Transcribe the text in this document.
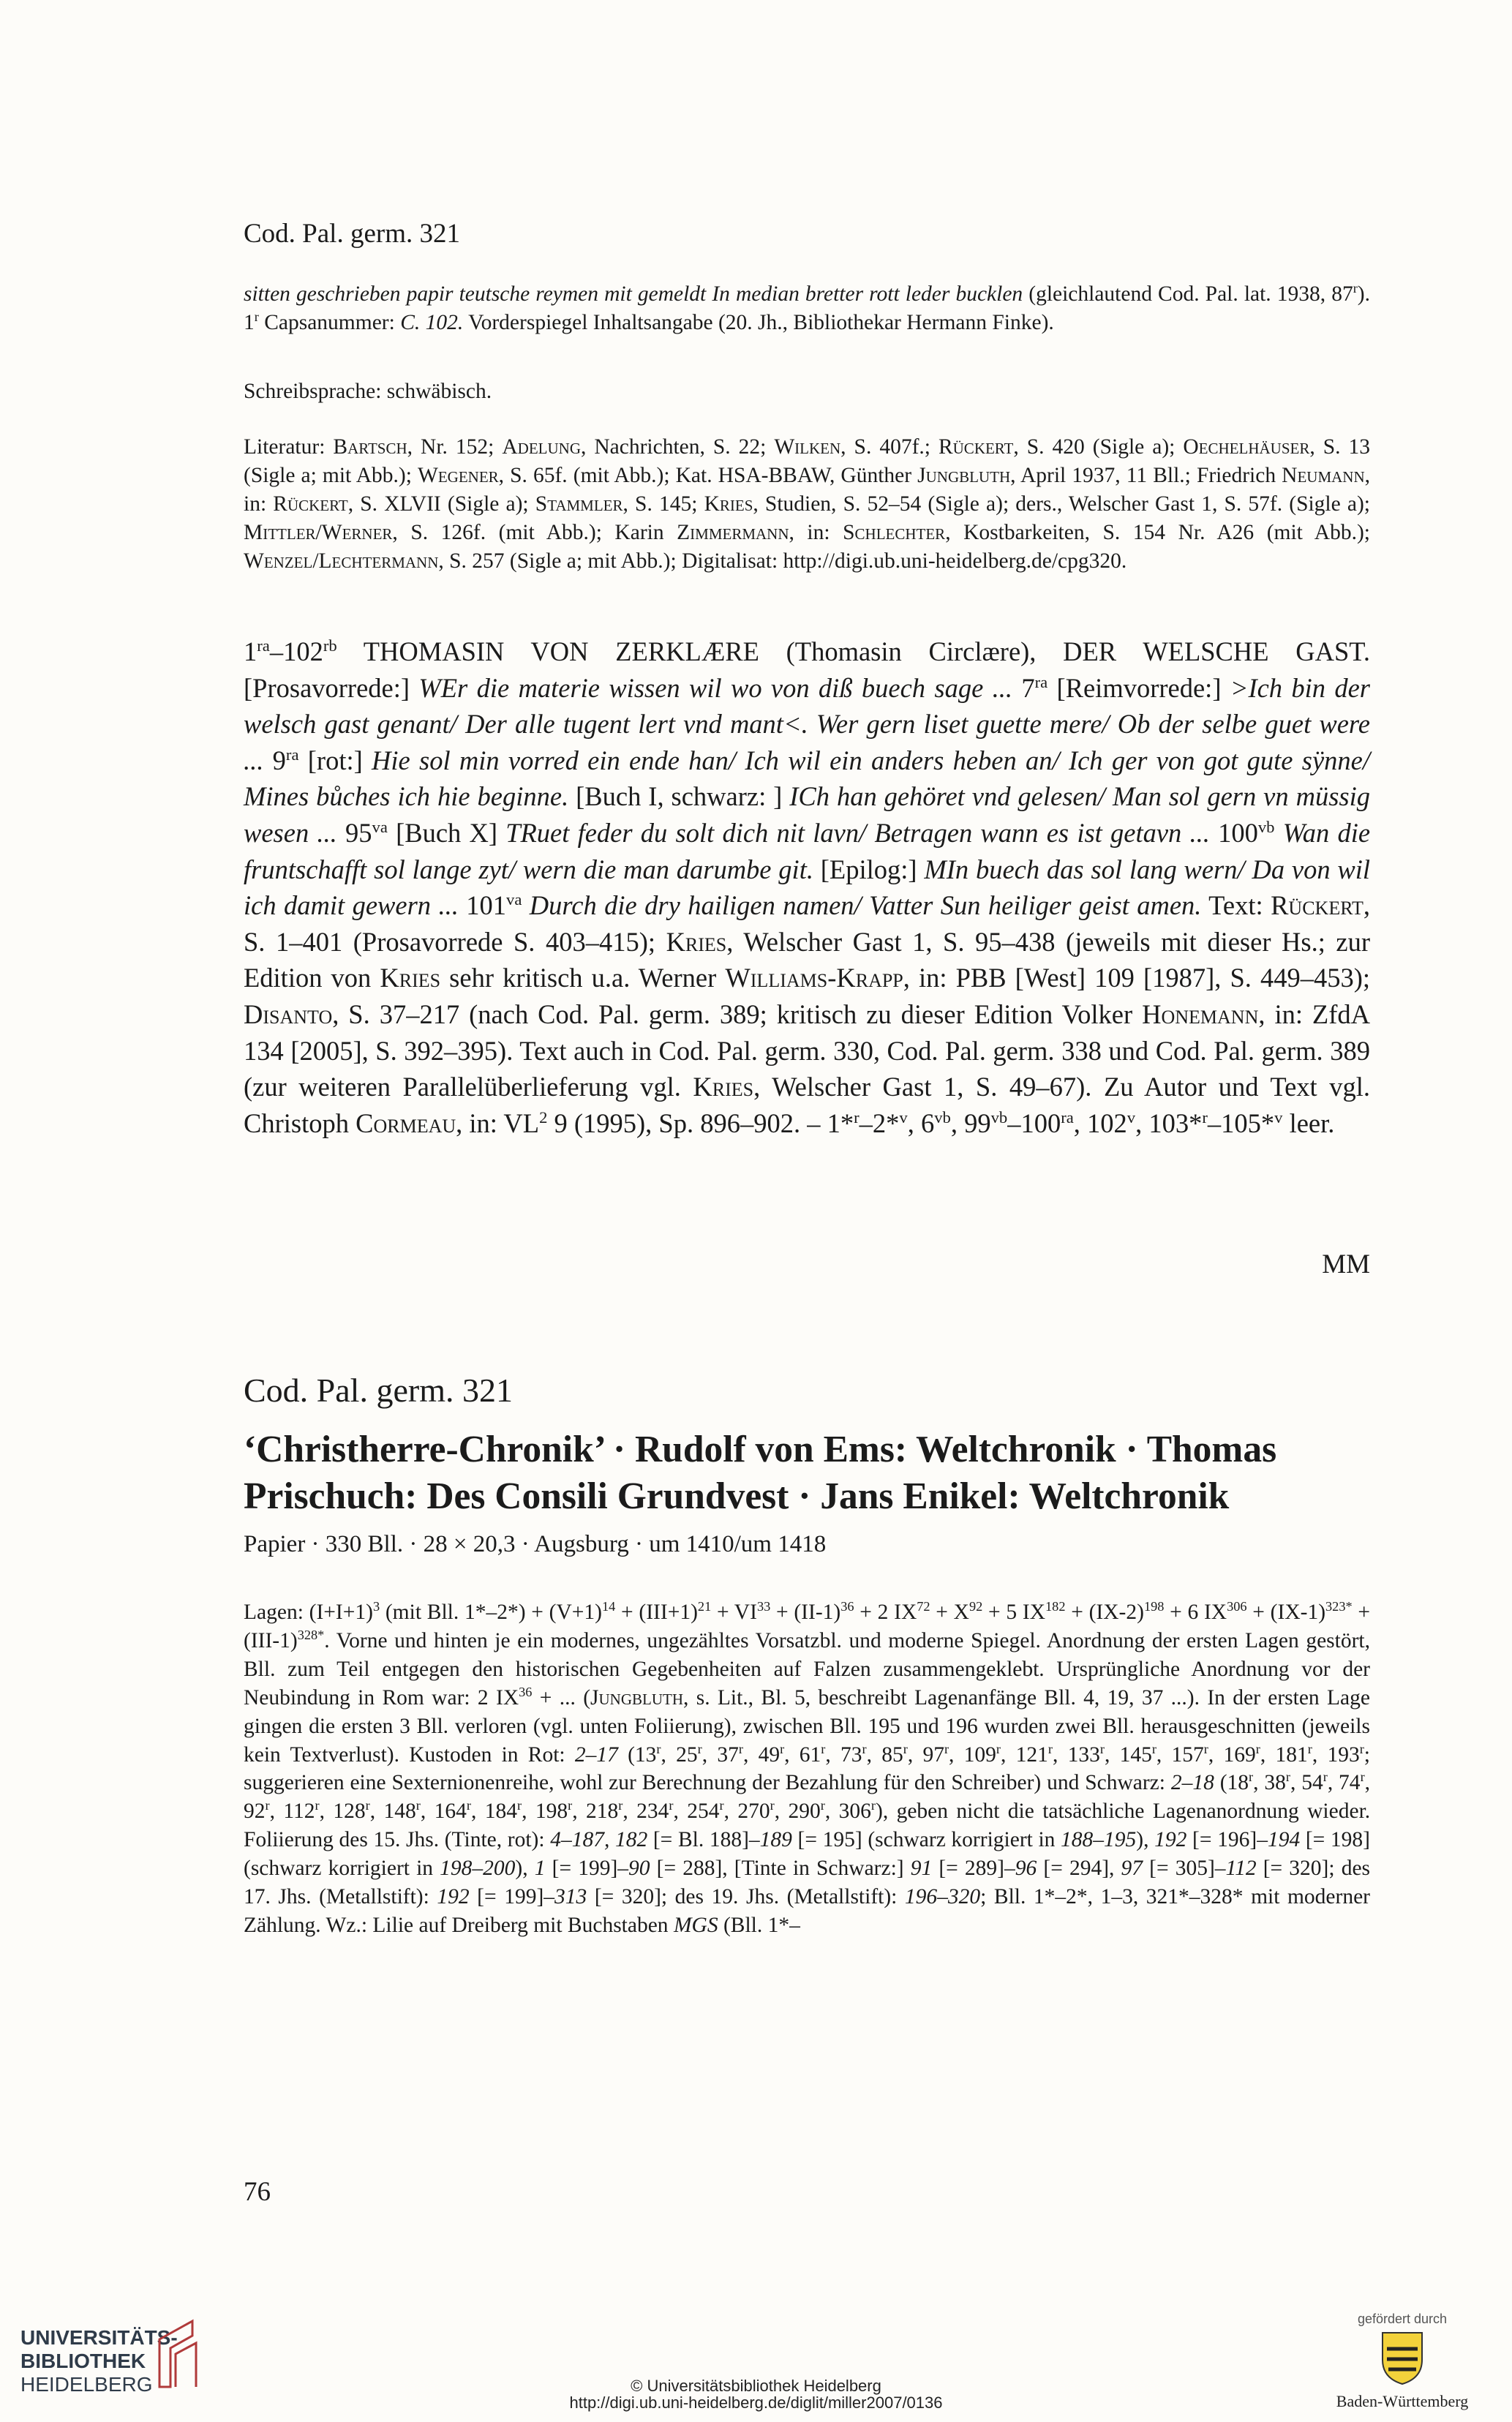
Cod. Pal. germ. 321

sitten geschrieben papir teutsche reymen mit gemeldt In median bretter rott leder bucklen (gleichlautend Cod. Pal. lat. 1938, 87$^r$). 1$^r$ Capsanummer: C. 102. Vorderspiegel Inhaltsangabe (20. Jh., Bibliothekar Hermann Finke).

Schreibsprache: schwäbisch.

Literatur: Bartsch, Nr. 152; Adelung, Nachrichten, S. 22; Wilken, S. 407f.; Rückert, S. 420 (Sigle a); Oechelhäuser, S. 13 (Sigle a; mit Abb.); Wegener, S. 65f. (mit Abb.); Kat. HSA-BBAW, Günther Jungbluth, April 1937, 11 Bll.; Friedrich Neumann, in: Rückert, S. XLVII (Sigle a); Stammler, S. 145; Kries, Studien, S. 52–54 (Sigle a); ders., Welscher Gast 1, S. 57f. (Sigle a); Mittler/Werner, S. 126f. (mit Abb.); Karin Zimmermann, in: Schlechter, Kostbarkeiten, S. 154 Nr. A26 (mit Abb.); Wenzel/Lechtermann, S. 257 (Sigle a; mit Abb.); Digitalisat: http://digi.ub.uni-heidelberg.de/cpg320.

$1^{ra}-102^{rb}$ THOMASIN VON ZERKLÆRE (Thomasin Circlære), DER WELSCHE GAST. [Prosavorrede:] WEr die materie wissen wil wo von diß buech sage ... $7^{ra}$ [Reimvorrede:] >Ich bin der welsch gast genant/ Der alle tugent lert vnd mant<. Wer gern liset guette mere/ Ob der selbe guet were ... $9^{ra}$ [rot:] Hie sol min vorred ein ende han/ Ich wil ein anders heben an/ Ich ger von got gute sÿnne/ Mines bůches ich hie beginne. [Buch I, schwarz: ] ICh han gehöret vnd gelesen/ Man sol gern vn müssig wesen ... $95^{va}$ [Buch X] TRuet feder du solt dich nit lavn/ Betragen wann es ist getavn ... $100^{vb}$ Wan die fruntschafft sol lange zyt/ wern die man darumbe git. [Epilog:] MIn buech das sol lang wern/ Da von wil ich damit gewern ... $101^{va}$ Durch die dry hailigen namen/ Vatter Sun heiliger geist amen. Text: Rückert, S. 1–401 (Prosavorrede S. 403–415); Kries, Welscher Gast 1, S. 95–438 (jeweils mit dieser Hs.; zur Edition von Kries sehr kritisch u.a. Werner Williams-Krapp, in: PBB [West] 109 [1987], S. 449–453); Disanto, S. 37–217 (nach Cod. Pal. germ. 389; kritisch zu dieser Edition Volker Honemann, in: ZfdA 134 [2005], S. 392–395). Text auch in Cod. Pal. germ. 330, Cod. Pal. germ. 338 und Cod. Pal. germ. 389 (zur weiteren Parallelüberlieferung vgl. Kries, Welscher Gast 1, S. 49–67). Zu Autor und Text vgl. Christoph Cormeau, in: $VL^2$ 9 (1995), Sp. 896–902. – 1*$^r$–2*$^v$, $6^{vb}$, $99^{vb}-100^{ra}$, 102$^v$, 103*$^r$–105*$^v$ leer.

MM
Cod. Pal. germ. 321
‘Christherre-Chronik’ · Rudolf von Ems: Weltchronik · Thomas Prischuch: Des Consili Grundvest · Jans Enikel: Weltchronik
Papier · 330 Bll. · 28 × 20,3 · Augsburg · um 1410/um 1418

Lagen: $(I+I+1)^3$ (mit Bll. $1*-2*) + (V+1)^{14} + (III+1)^{21} + VI^{33} + (II-1)^{36} + 2$ $IX^{72} + X^{92} + 5$ $IX^{182} + (IX-2)^{198} + 6$ $IX^{306} + (IX-1)^{323*} + (III-1)^{328*}$. Vorne und hinten je ein modernes, ungezähltes Vorsatzbl. und moderne Spiegel. Anordnung der ersten Lagen gestört, Bll. zum Teil entgegen den historischen Gegebenheiten auf Falzen zusammengeklebt. Ursprüngliche Anordnung vor der Neubindung in Rom war: 2 $IX^{36}$ + ... (Jungbluth, s. Lit., Bl. 5, beschreibt Lagenanfänge Bll. 4, 19, 37 ...). In der ersten Lage gingen die ersten 3 Bll. verloren (vgl. unten Foliierung), zwischen Bll. 195 und 196 wurden zwei Bll. herausgeschnitten (jeweils kein Textverlust). Kustoden in Rot: 2–17 (13$^r$, 25$^r$, 37$^r$, 49$^r$, 61$^r$, 73$^r$, 85$^r$, 97$^r$, 109$^r$, 121$^r$, 133$^r$, 145$^r$, 157$^r$, 169$^r$, 181$^r$, 193$^r$; suggerieren eine Sexternionenreihe, wohl zur Berechnung der Bezahlung für den Schreiber) und Schwarz: 2–18 (18$^r$, 38$^r$, 54$^r$, 74$^r$, 92$^r$, 112$^r$, 128$^r$, 148$^r$, 164$^r$, 184$^r$, 198$^r$, 218$^r$, 234$^r$, 254$^r$, 270$^r$, 290$^r$, 306$^r$), geben nicht die tatsächliche Lagenanordnung wieder. Foliierung des 15. Jhs. (Tinte, rot): 4–187, 182 [= Bl. 188]–189 [= 195] (schwarz korrigiert in 188–195), 192 [= 196]–194 [= 198] (schwarz korrigiert in 198–200), 1 [= 199]–90 [= 288], [Tinte in Schwarz:] 91 [= 289]–96 [= 294], 97 [= 305]–112 [= 320]; des 17. Jhs. (Metallstift): 192 [= 199]–313 [= 320]; des 19. Jhs. (Metallstift): 196–320; Bll. 1*–2*, 1–3, 321*–328* mit moderner Zählung. Wz.: Lilie auf Dreiberg mit Buchstaben MGS (Bll. 1*–

76
UNIVERSITÄTS-
BIBLIOTHEK
HEIDELBERG	© Universitätsbibliothek Heidelberg
http://digi.ub.uni-heidelberg.de/diglit/miller2007/0136
gefördert durch
Baden-Württemberg
